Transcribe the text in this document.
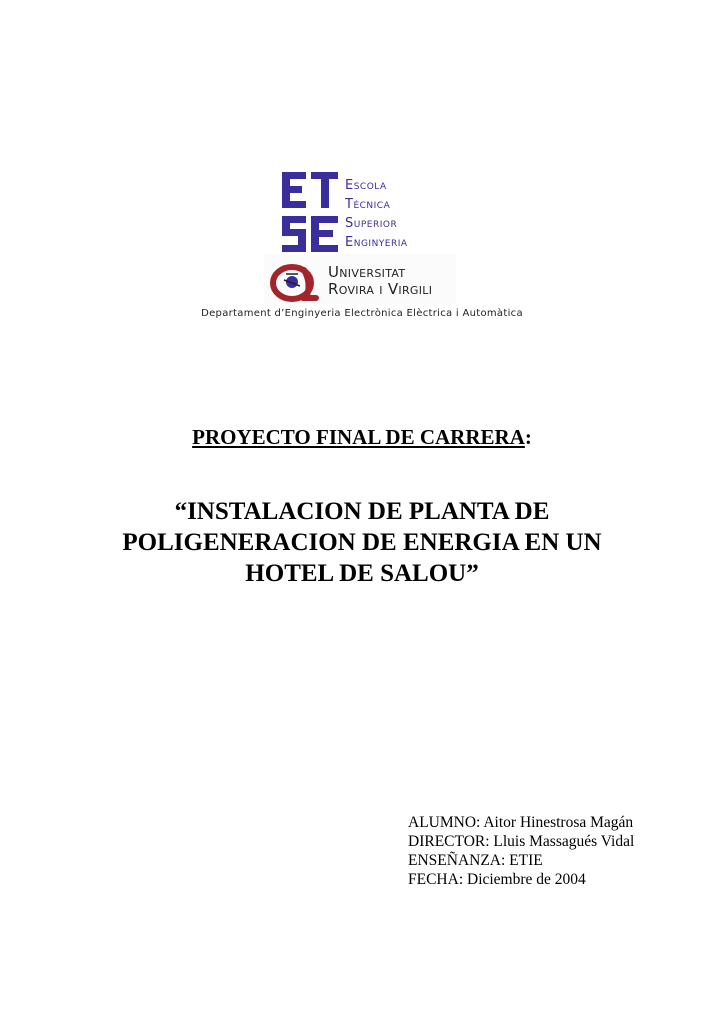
Escola
Tècnica
Superior
Enginyeria
Universitat
Rovira i Virgili
Departament d’Enginyeria Electrònica Elèctrica i Automàtica
PROYECTO FINAL DE CARRERA:
“INSTALACION DE PLANTA DE
POLIGENERACION DE ENERGIA EN UN
HOTEL DE SALOU”
ALUMNO: Aitor Hinestrosa Magán
DIRECTOR: Lluis Massagués Vidal
ENSEÑANZA: ETIE
FECHA: Diciembre de 2004
